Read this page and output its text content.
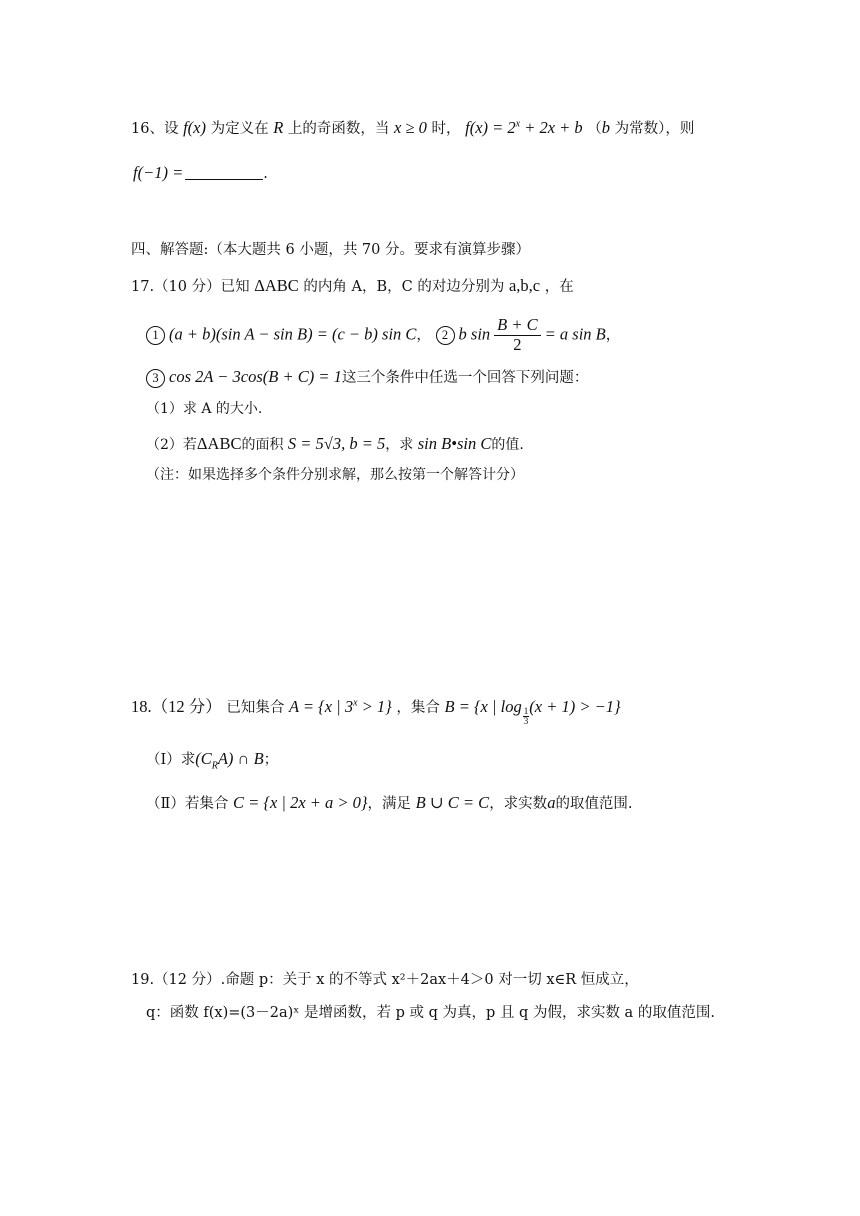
16、设 f(x) 为定义在 R 上的奇函数，当 x ≥ 0 时， $f(x) = 2^x + 2x + b$ （b 为常数），则
f(−1) =	.
四、解答题:（本大题共 6 小题，共 70 分。要求有演算步骤）
17.（10 分）已知 ΔABC 的内角 A，B，C 的对边分别为 a,b,c ，在
1 (a + b)(sin A − sin B) = (c − b) sin C， 2 b $\sin \frac{B + C}{2} = a$ sin B，
3 cos 2A − 3cos(B + C) = 1这三个条件中任选一个回答下列问题：
（1）求 A 的大小.
（2）若ΔABC的面积 S = 5√3, b = 5，求 sin B•sin C的值.
（注：如果选择多个条件分别求解，那么按第一个解答计分）
18.（12 分） 已知集合 A = {x | $3^x > 1$} ，集合 B = {x | log
$\frac{1}{3}(x + 1) > -1$}
（Ⅰ）求$(C_RA)$ ∩ B；
（Ⅱ）若集合 C = {x | 2x + a > 0}，满足 B ∪ C = C，求实数a的取值范围.
19.（12 分）.命题 p：关于 x 的不等式 x²＋2ax＋4＞0 对一切 x∈R 恒成立，
q：函数 f(x)=(3－2a)ˣ 是增函数，若 p 或 q 为真，p 且 q 为假，求实数 a 的取值范围.
